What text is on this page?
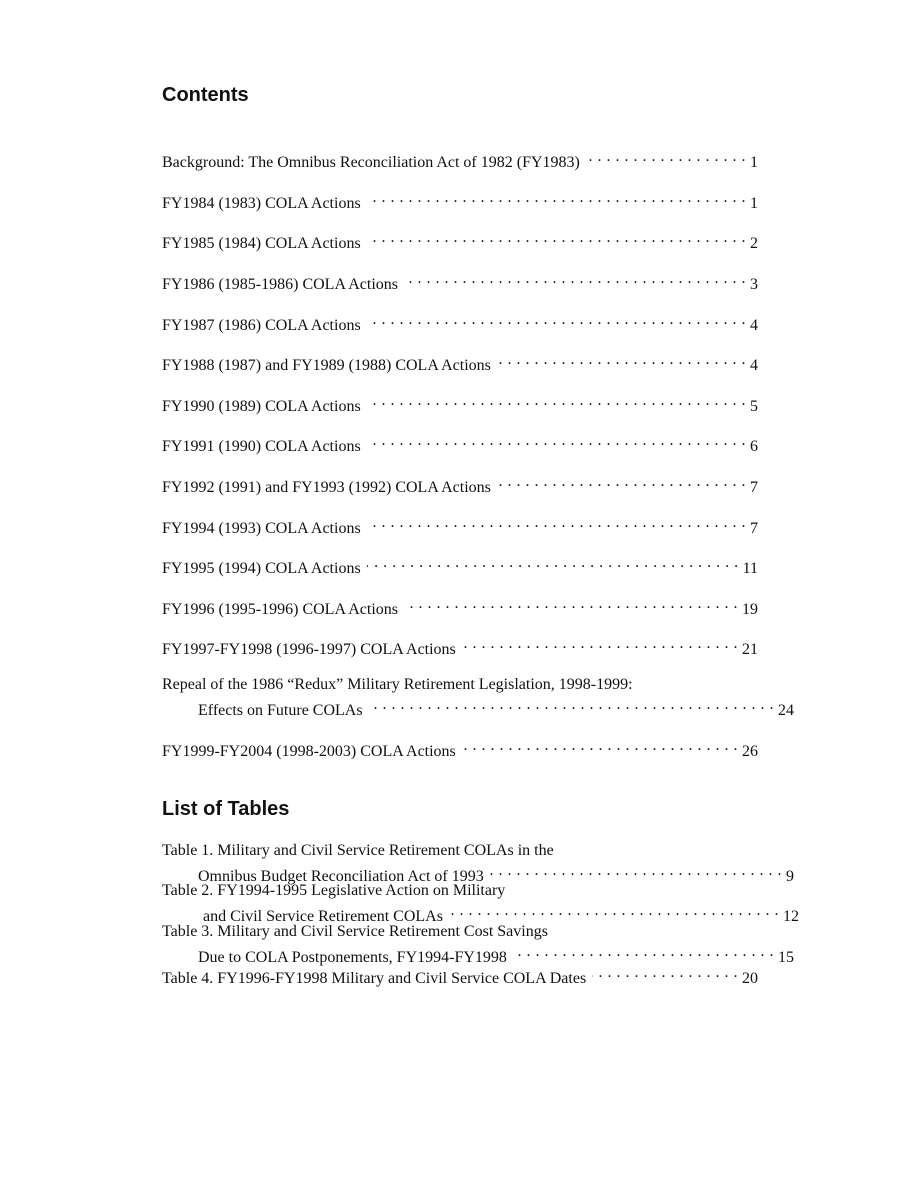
Contents
Background: The Omnibus Reconciliation Act of 1982 (FY1983) . . .	1
FY1984 (1983) COLA Actions . . .	1
FY1985 (1984) COLA Actions . . .	2
FY1986 (1985-1986) COLA Actions . . .	3
FY1987 (1986) COLA Actions . . .	4
FY1988 (1987) and FY1989 (1988) COLA Actions . . .	4
FY1990 (1989) COLA Actions . . .	5
FY1991 (1990) COLA Actions . . .	6
FY1992 (1991) and FY1993 (1992) COLA Actions . . .	7
FY1994 (1993) COLA Actions . . .	7
FY1995 (1994) COLA Actions . . .	11
FY1996 (1995-1996) COLA Actions . . .	19
FY1997-FY1998 (1996-1997) COLA Actions . . .	21
Repeal of the 1986 “Redux” Military Retirement Legislation, 1998-1999:
Effects on Future COLAs . . .	24
FY1999-FY2004 (1998-2003) COLA Actions . . .	26
List of Tables
Table 1. Military and Civil Service Retirement COLAs in the
Omnibus Budget Reconciliation Act of 1993 . . .	9
Table 2. FY1994-1995 Legislative Action on Military
and Civil Service Retirement COLAs . . .	12
Table 3. Military and Civil Service Retirement Cost Savings
Due to COLA Postponements, FY1994-FY1998 . . .	15
Table 4. FY1996-FY1998 Military and Civil Service COLA Dates . . .	20
